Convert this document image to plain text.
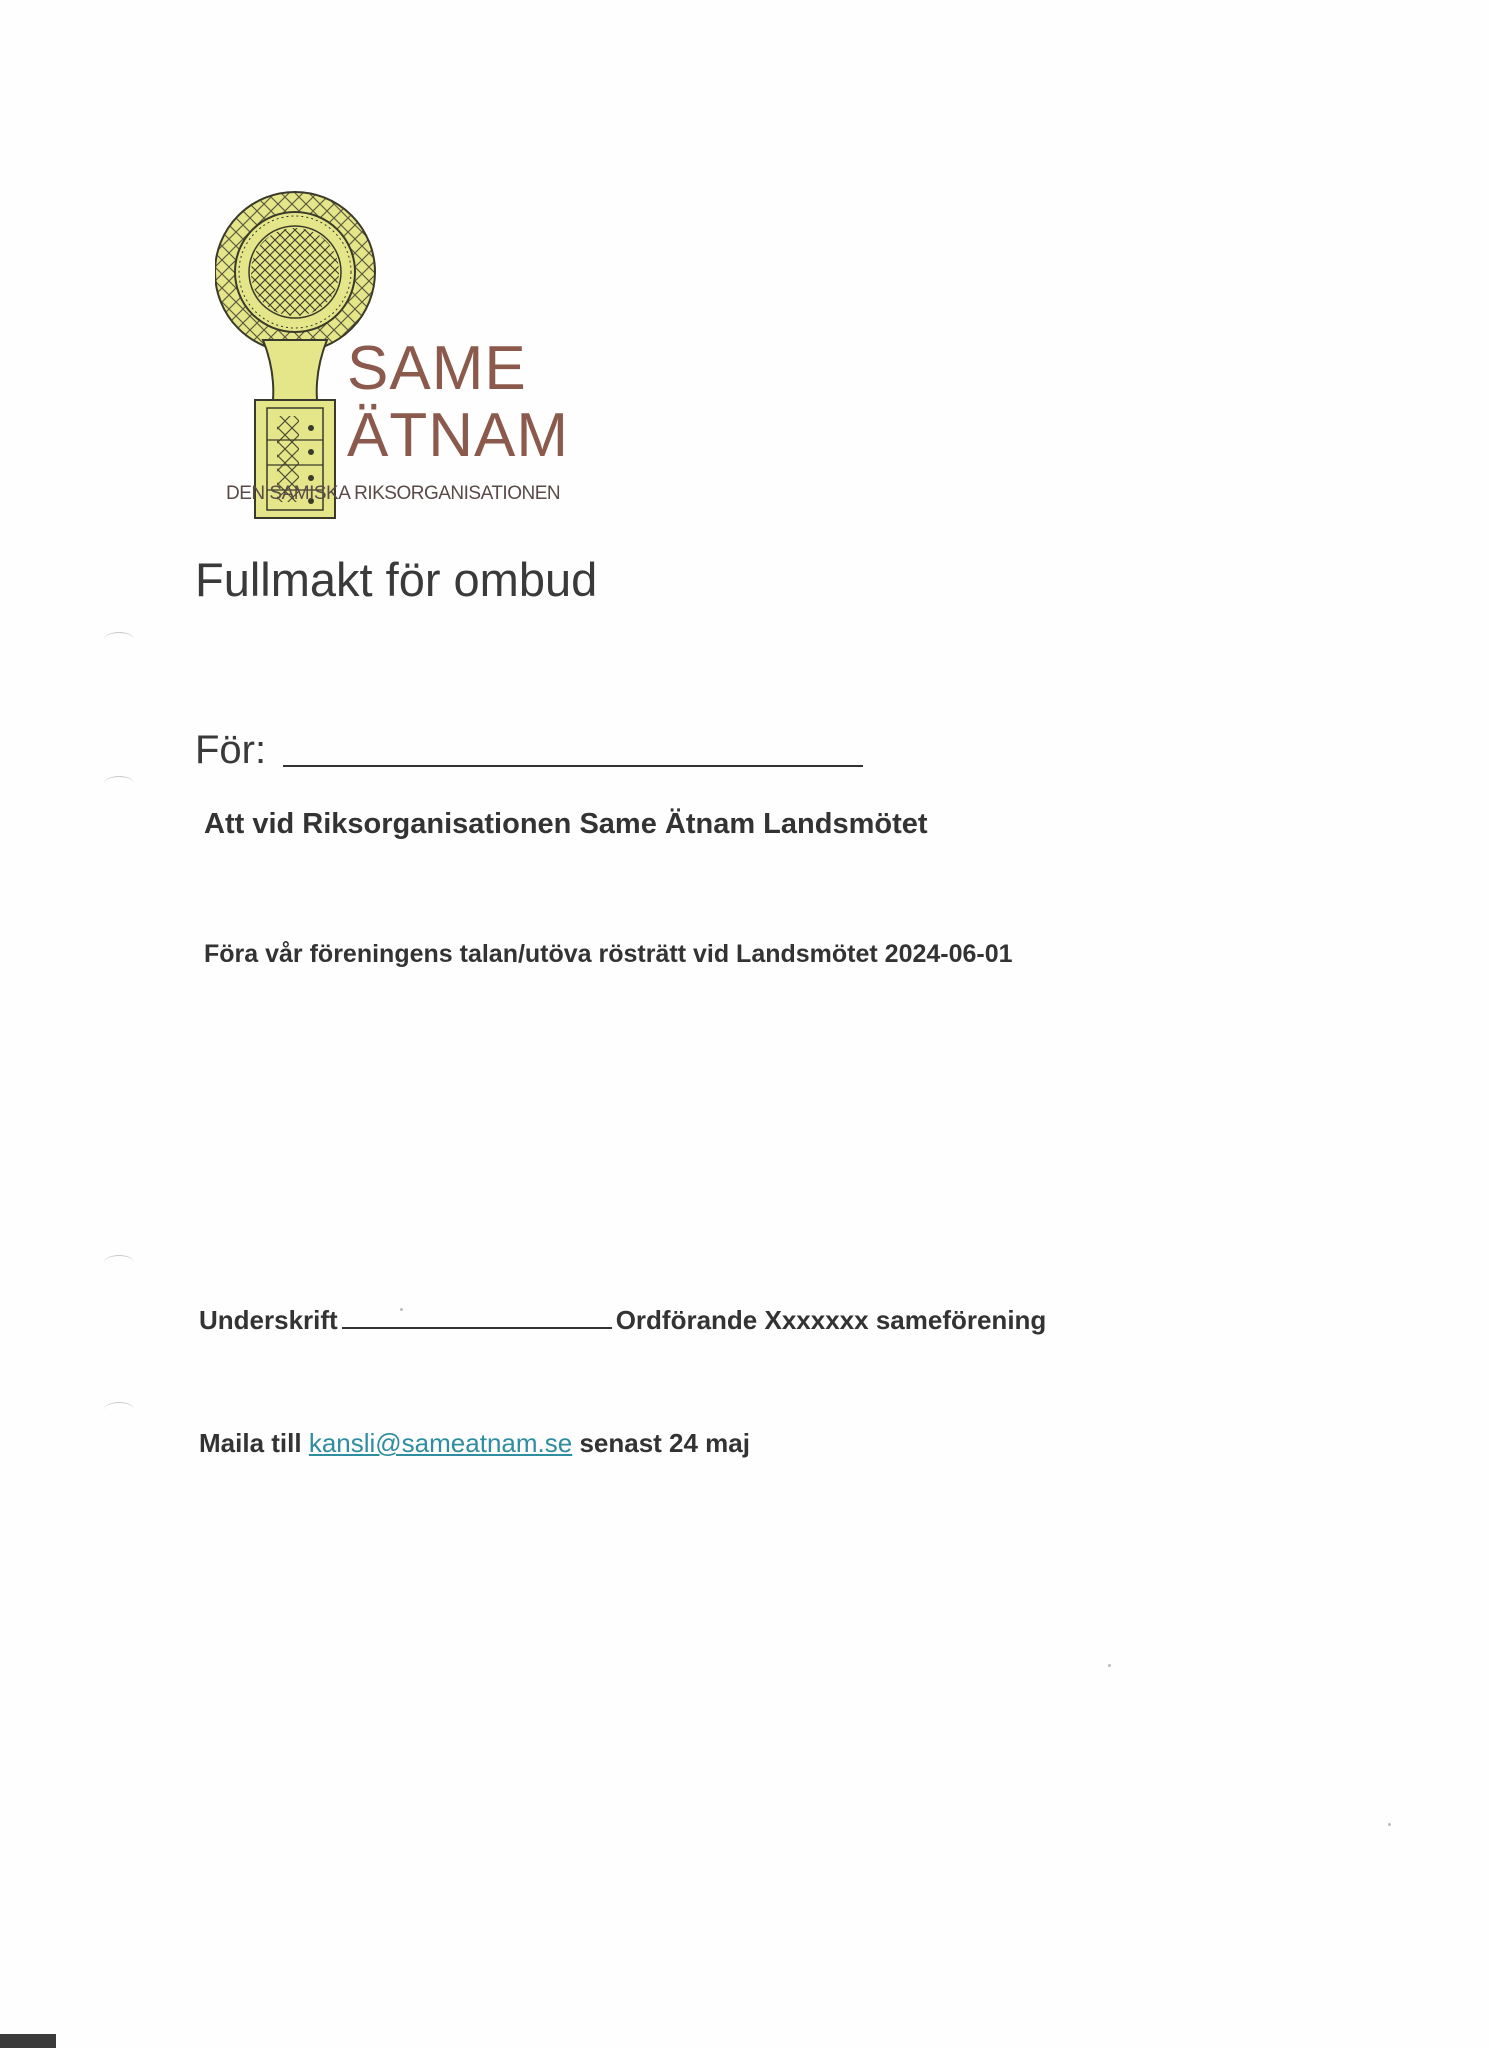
SAME
ÄTNAM
DEN SAMISKA RIKSORGANISATIONEN
Fullmakt för ombud
För:
Att vid Riksorganisationen Same Ätnam Landsmötet
Föra vår föreningens talan/utöva rösträtt vid Landsmötet 2024-06-01
Underskrift	Ordförande Xxxxxxx sameförening
Maila till kansli@sameatnam.se senast 24 maj
